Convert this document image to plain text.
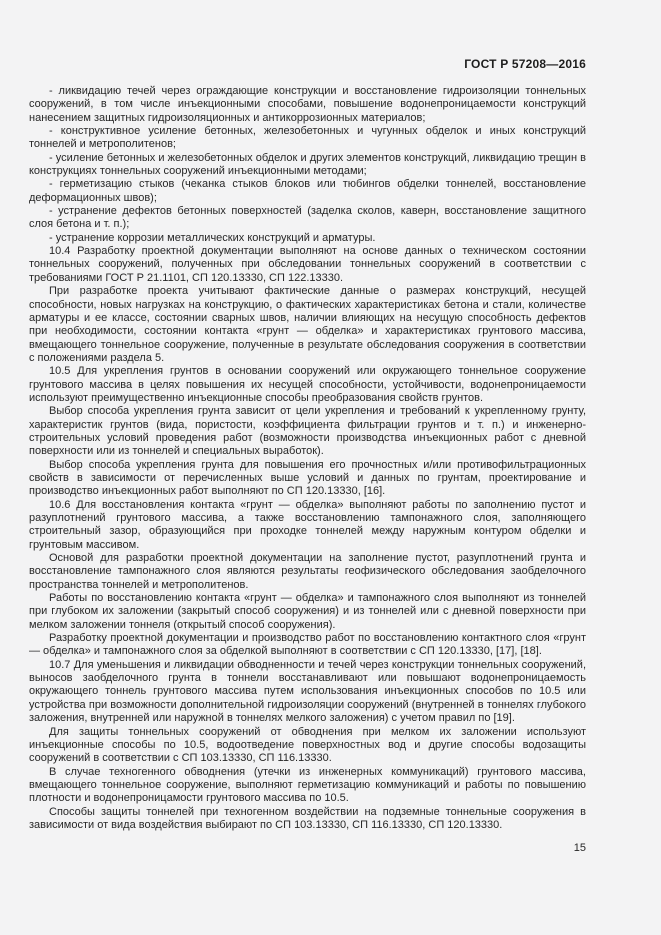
ГОСТ Р 57208—2016

- ликвидацию течей через ограждающие конструкции и восстановление гидроизоляции тоннельных сооружений, в том числе инъекционными способами, повышение водонепроницаемости конструкций нанесением защитных гидроизоляционных и антикоррозионных материалов;

- конструктивное усиление бетонных, железобетонных и чугунных обделок и иных конструкций тоннелей и метрополитенов;

- усиление бетонных и железобетонных обделок и других элементов конструкций, ликвидацию трещин в конструкциях тоннельных сооружений инъекционными методами;

- герметизацию стыков (чеканка стыков блоков или тюбингов обделки тоннелей, восстановление деформационных швов);

- устранение дефектов бетонных поверхностей (заделка сколов, каверн, восстановление защитного слоя бетона и т. п.);

- устранение коррозии металлических конструкций и арматуры.

10.4 Разработку проектной документации выполняют на основе данных о техническом состоянии тоннельных сооружений, полученных при обследовании тоннельных сооружений в соответствии с требованиями ГОСТ Р 21.1101, СП 120.13330, СП 122.13330.

При разработке проекта учитывают фактические данные о размерах конструкций, несущей способности, новых нагрузках на конструкцию, о фактических характеристиках бетона и стали, количестве арматуры и ее классе, состоянии сварных швов, наличии влияющих на несущую способность дефектов при необходимости, состоянии контакта «грунт — обделка» и характеристиках грунтового массива, вмещающего тоннельное сооружение, полученные в результате обследования сооружения в соответствии с положениями раздела 5.

10.5 Для укрепления грунтов в основании сооружений или окружающего тоннельное сооружение грунтового массива в целях повышения их несущей способности, устойчивости, водонепроницаемости используют преимущественно инъекционные способы преобразования свойств грунтов.

Выбор способа укрепления грунта зависит от цели укрепления и требований к укрепленному грунту, характеристик грунтов (вида, пористости, коэффициента фильтрации грунтов и т. п.) и инженерно-строительных условий проведения работ (возможности производства инъекционных работ с дневной поверхности или из тоннелей и специальных выработок).

Выбор способа укрепления грунта для повышения его прочностных и/или противофильтрационных свойств в зависимости от перечисленных выше условий и данных по грунтам, проектирование и производство инъекционных работ выполняют по СП 120.13330, [16].

10.6 Для восстановления контакта «грунт — обделка» выполняют работы по заполнению пустот и разуплотнений грунтового массива, а также восстановлению тампонажного слоя, заполняющего строительный зазор, образующийся при проходке тоннелей между наружным контуром обделки и грунтовым массивом.

Основой для разработки проектной документации на заполнение пустот, разуплотнений грунта и восстановление тампонажного слоя являются результаты геофизического обследования заобделочного пространства тоннелей и метрополитенов.

Работы по восстановлению контакта «грунт — обделка» и тампонажного слоя выполняют из тоннелей при глубоком их заложении (закрытый способ сооружения) и из тоннелей или с дневной поверхности при мелком заложении тоннеля (открытый способ сооружения).

Разработку проектной документации и производство работ по восстановлению контактного слоя «грунт — обделка» и тампонажного слоя за обделкой выполняют в соответствии с СП 120.13330, [17], [18].

10.7 Для уменьшения и ликвидации обводненности и течей через конструкции тоннельных сооружений, выносов заобделочного грунта в тоннели восстанавливают или повышают водонепроницаемость окружающего тоннель грунтового массива путем использования инъекционных способов по 10.5 или устройства при возможности дополнительной гидроизоляции сооружений (внутренней в тоннелях глубокого заложения, внутренней или наружной в тоннелях мелкого заложения) с учетом правил по [19].

Для защиты тоннельных сооружений от обводнения при мелком их заложении используют инъекционные способы по 10.5, водоотведение поверхностных вод и другие способы водозащиты сооружений в соответствии с СП 103.13330, СП 116.13330.

В случае техногенного обводнения (утечки из инженерных коммуникаций) грунтового массива, вмещающего тоннельное сооружение, выполняют герметизацию коммуникаций и работы по повышению плотности и водонепроницамости грунтового массива по 10.5.

Способы защиты тоннелей при техногенном воздействии на подземные тоннельные сооружения в зависимости от вида воздействия выбирают по СП 103.13330, СП 116.13330, СП 120.13330.

15
